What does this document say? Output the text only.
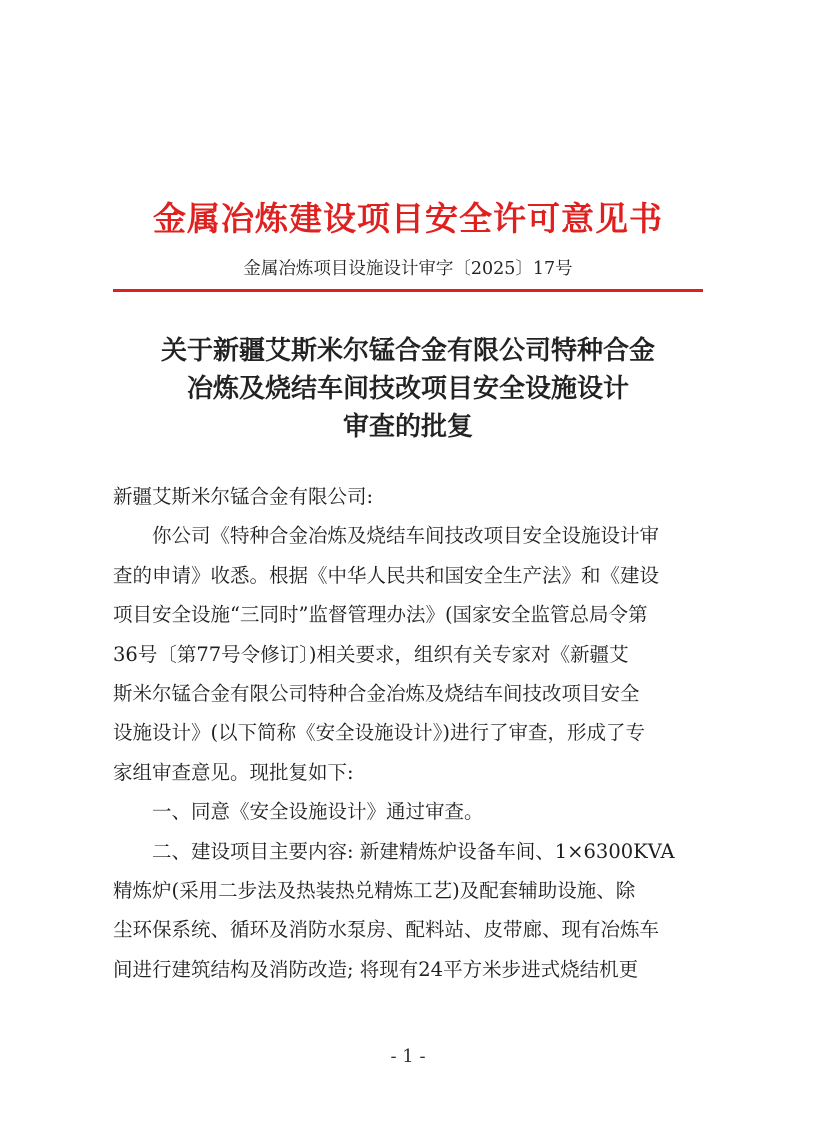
金属冶炼建设项目安全许可意见书
金属冶炼项目设施设计审字〔2025〕17号
关于新疆艾斯米尔锰合金有限公司特种合金
冶炼及烧结车间技改项目安全设施设计
审查的批复

新疆艾斯米尔锰合金有限公司:

你公司《特种合金冶炼及烧结车间技改项目安全设施设计审

查的申请》收悉。根据《中华人民共和国安全生产法》和《建设

项目安全设施“三同时”监督管理办法》(国家安全监管总局令第

36号〔第77号令修订〕)相关要求，组织有关专家对《新疆艾

斯米尔锰合金有限公司特种合金冶炼及烧结车间技改项目安全

设施设计》(以下简称《安全设施设计》)进行了审查，形成了专

家组审查意见。现批复如下:

一、同意《安全设施设计》通过审查。

二、建设项目主要内容: 新建精炼炉设备车间、1×6300KVA

精炼炉(采用二步法及热装热兑精炼工艺)及配套辅助设施、除

尘环保系统、循环及消防水泵房、配料站、皮带廊、现有冶炼车

间进行建筑结构及消防改造; 将现有24平方米步进式烧结机更

- 1 -
